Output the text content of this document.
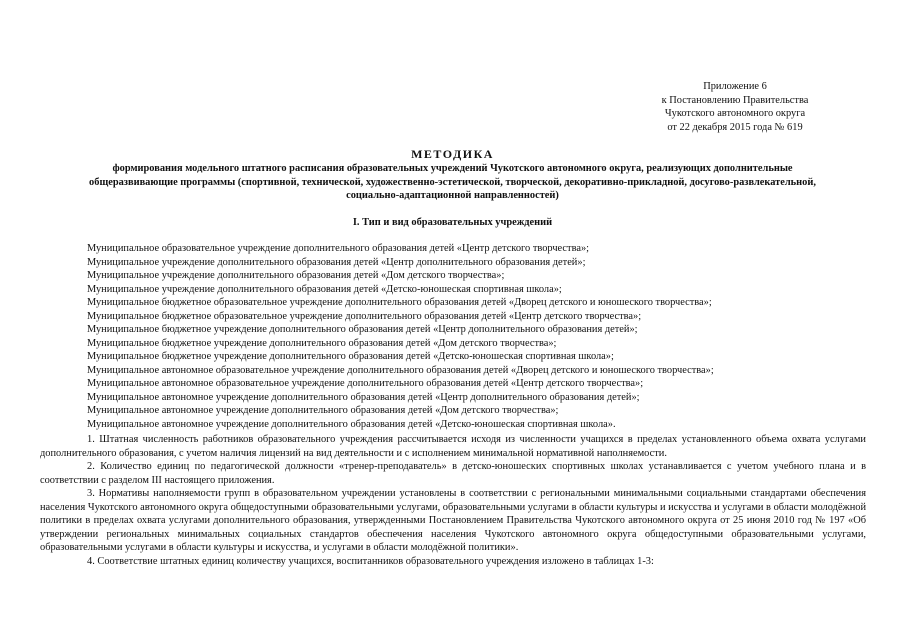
Приложение 6
к Постановлению Правительства
Чукотского автономного округа
от 22 декабря 2015 года № 619
МЕТОДИКА
формирования модельного штатного расписания образовательных учреждений Чукотского автономного округа, реализующих дополнительные
общеразвивающие программы (спортивной, технической, художественно-эстетической, творческой, декоративно-прикладной, досугово-развлекательной,
социально-адаптационной направленностей)
I. Тип и вид образовательных учреждений
Муниципальное образовательное учреждение дополнительного образования детей «Центр детского творчества»;
Муниципальное учреждение дополнительного образования детей «Центр дополнительного образования детей»;
Муниципальное учреждение дополнительного образования детей «Дом детского творчества»;
Муниципальное учреждение дополнительного образования детей «Детско-юношеская спортивная школа»;
Муниципальное бюджетное образовательное учреждение дополнительного образования детей «Дворец детского и юношеского творчества»;
Муниципальное бюджетное образовательное учреждение дополнительного образования детей «Центр детского творчества»;
Муниципальное бюджетное учреждение дополнительного образования детей «Центр дополнительного образования детей»;
Муниципальное бюджетное учреждение дополнительного образования детей «Дом детского творчества»;
Муниципальное бюджетное учреждение дополнительного образования детей «Детско-юношеская спортивная школа»;
Муниципальное автономное образовательное учреждение дополнительного образования детей «Дворец детского и юношеского творчества»;
Муниципальное автономное образовательное учреждение дополнительного образования детей «Центр детского творчества»;
Муниципальное автономное учреждение дополнительного образования детей «Центр дополнительного образования детей»;
Муниципальное автономное учреждение дополнительного образования детей «Дом детского творчества»;
Муниципальное автономное учреждение дополнительного образования детей «Детско-юношеская спортивная школа».

1. Штатная численность работников образовательного учреждения рассчитывается исходя из численности учащихся в пределах установленного объема охвата услугами дополнительного образования, с учетом наличия лицензий на вид деятельности и с исполнением минимальной нормативной наполняемости.

2. Количество единиц по педагогической должности «тренер-преподаватель» в детско-юношеских спортивных школах устанавливается с учетом учебного плана и в соответствии с разделом III настоящего приложения.

3. Нормативы наполняемости групп в образовательном учреждении установлены в соответствии с региональными минимальными социальными стандартами обеспечения населения Чукотского автономного округа общедоступными образовательными услугами, образовательными услугами в области культуры и искусства и услугами в области молодёжной политики в пределах охвата услугами дополнительного образования, утвержденными Постановлением Правительства Чукотского автономного округа от 25 июня 2010 год № 197 «Об утверждении региональных минимальных социальных стандартов обеспечения населения Чукотского автономного округа общедоступными образовательными услугами, образовательными услугами в области культуры и искусства, и услугами в области молодёжной политики».

4. Соответствие штатных единиц количеству учащихся, воспитанников образовательного учреждения изложено в таблицах 1-3:
